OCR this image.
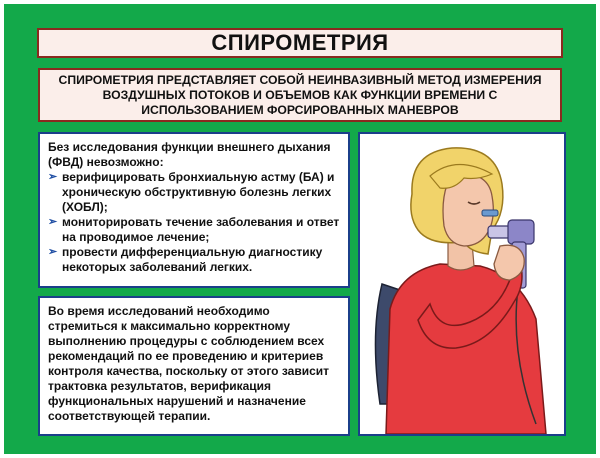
СПИРОМЕТРИЯ
СПИРОМЕТРИЯ ПРЕДСТАВЛЯЕТ СОБОЙ НЕИНВАЗИВНЫЙ МЕТОД ИЗМЕРЕНИЯ ВОЗДУШНЫХ ПОТОКОВ И ОБЪЕМОВ КАК ФУНКЦИИ ВРЕМЕНИ С ИСПОЛЬЗОВАНИЕМ ФОРСИРОВАННЫХ МАНЕВРОВ
Без исследования функции внешнего дыхания (ФВД) невозможно:
➢ верифицировать бронхиальную астму (БА) и хроническую обструктивную болезнь легких (ХОБЛ);
➢ мониторировать течение заболевания и ответ на проводимое лечение;
➢ провести дифференциальную диагностику некоторых заболеваний легких.
Во время исследований необходимо стремиться к максимально корректному выполнению процедуры с соблюдением всех рекомендаций по ее проведению и критериев контроля качества, поскольку от этого зависит трактовка результатов, верификация функциональных нарушений и назначение соответствующей терапии.
